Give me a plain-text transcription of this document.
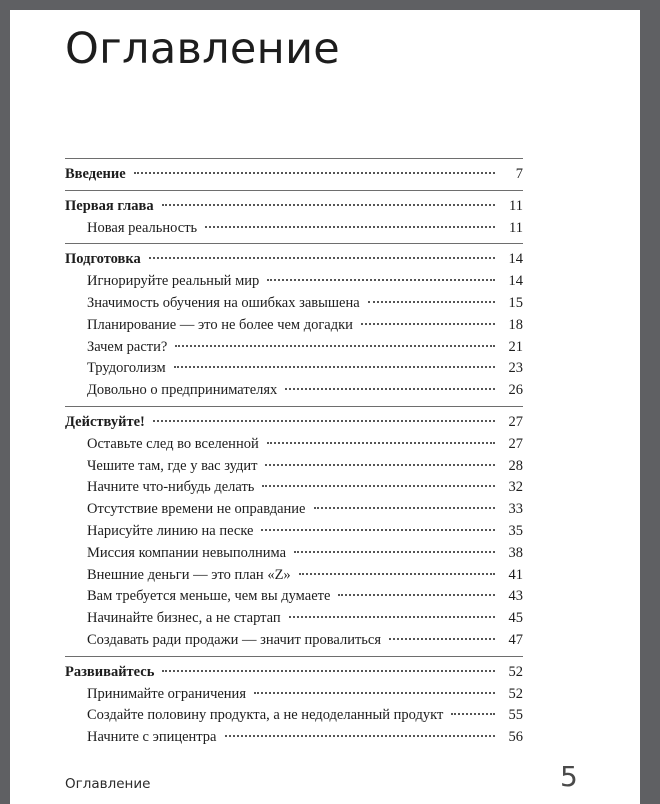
Оглавление
Введение	7
Первая глава	11
Новая реальность	11
Подготовка	14
Игнорируйте реальный мир	14
Значимость обучения на ошибках завышена	15
Планирование — это не более чем догадки	18
Зачем расти?	21
Трудоголизм	23
Довольно о предпринимателях	26
Действуйте!	27
Оставьте след во вселенной	27
Чешите там, где у вас зудит	28
Начните что-нибудь делать	32
Отсутствие времени не оправдание	33
Нарисуйте линию на песке	35
Миссия компании невыполнима	38
Внешние деньги — это план «Z»	41
Вам требуется меньше, чем вы думаете	43
Начинайте бизнес, а не стартап	45
Создавать ради продажи — значит провалиться	47
Развивайтесь	52
Принимайте ограничения	52
Создайте половину продукта, а не недоделанный продукт	55
Начните с эпицентра	56
Оглавление	5
